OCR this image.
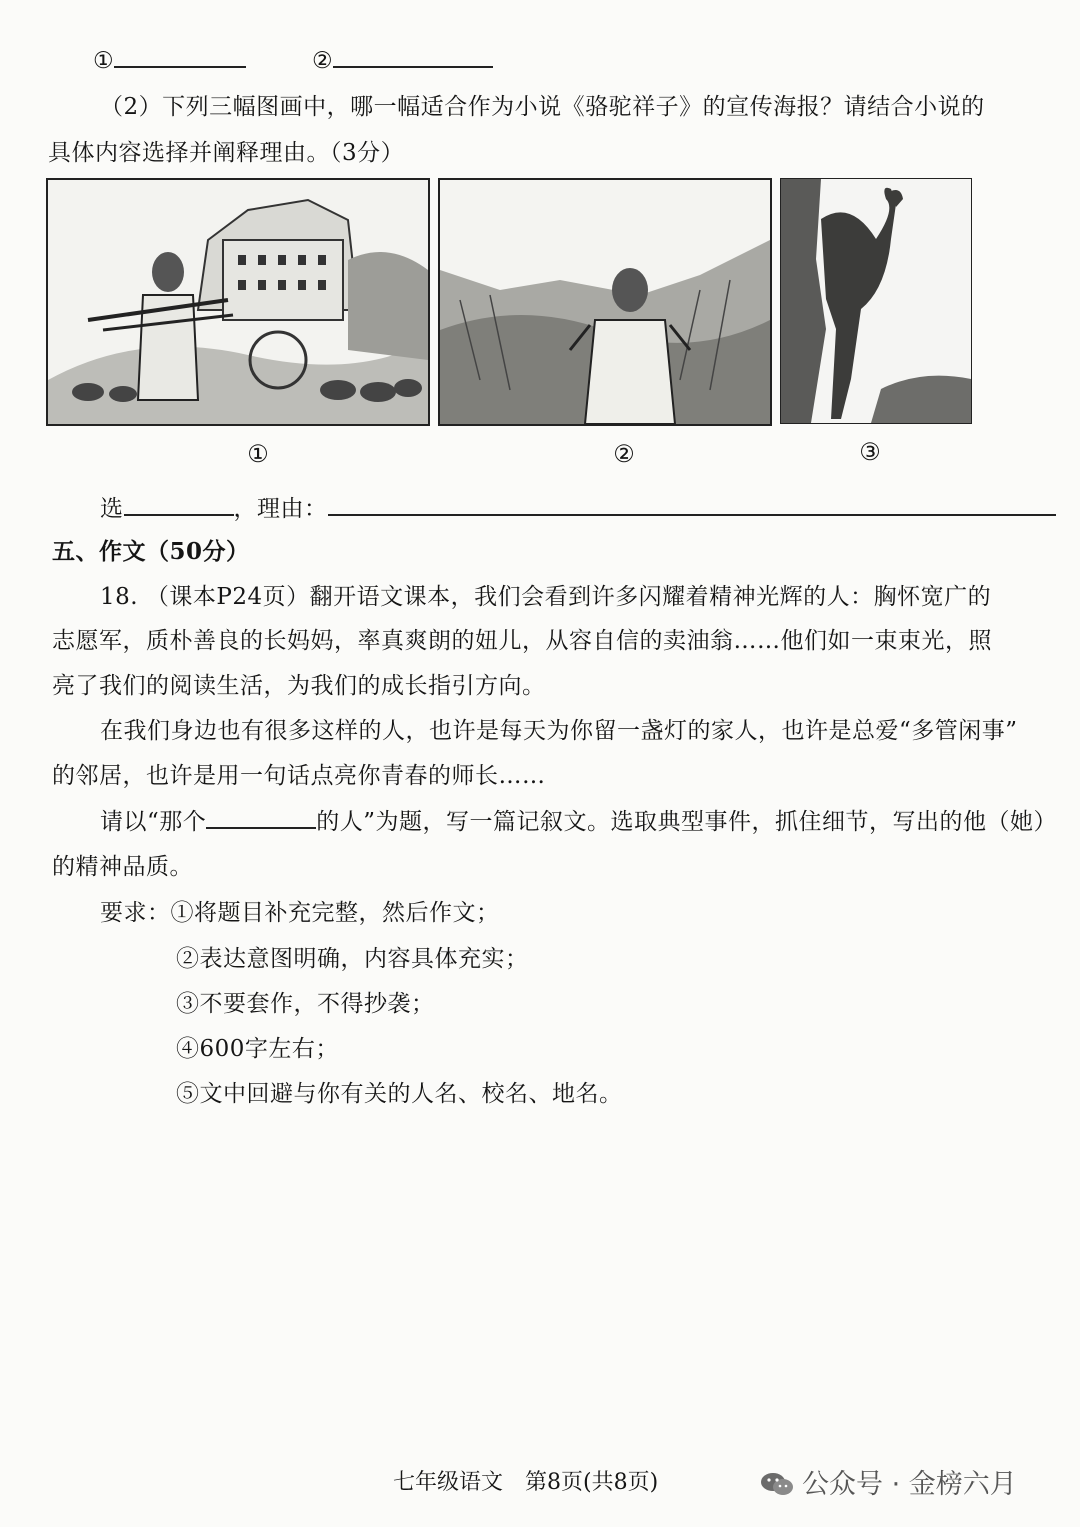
①	②
（2）下列三幅图画中，哪一幅适合作为小说《骆驼祥子》的宣传海报？请结合小说的
具体内容选择并阐释理由。（3分）
①	②	③
选	，理由：
五、作文（50分）
18. （课本P24页）翻开语文课本，我们会看到许多闪耀着精神光辉的人：胸怀宽广的
志愿军，质朴善良的长妈妈，率真爽朗的妞儿，从容自信的卖油翁……他们如一束束光，照
亮了我们的阅读生活，为我们的成长指引方向。
在我们身边也有很多这样的人，也许是每天为你留一盏灯的家人，也许是总爱“多管闲事”
的邻居，也许是用一句话点亮你青春的师长……
请以“那个	的人”为题，写一篇记叙文。选取典型事件，抓住细节，写出的他（她）
的精神品质。
要求：①将题目补充完整，然后作文；
②表达意图明确，内容具体充实；
③不要套作，不得抄袭；
④600字左右；
⑤文中回避与你有关的人名、校名、地名。
七年级语文　第8页(共8页)	公众号 · 金榜六月
